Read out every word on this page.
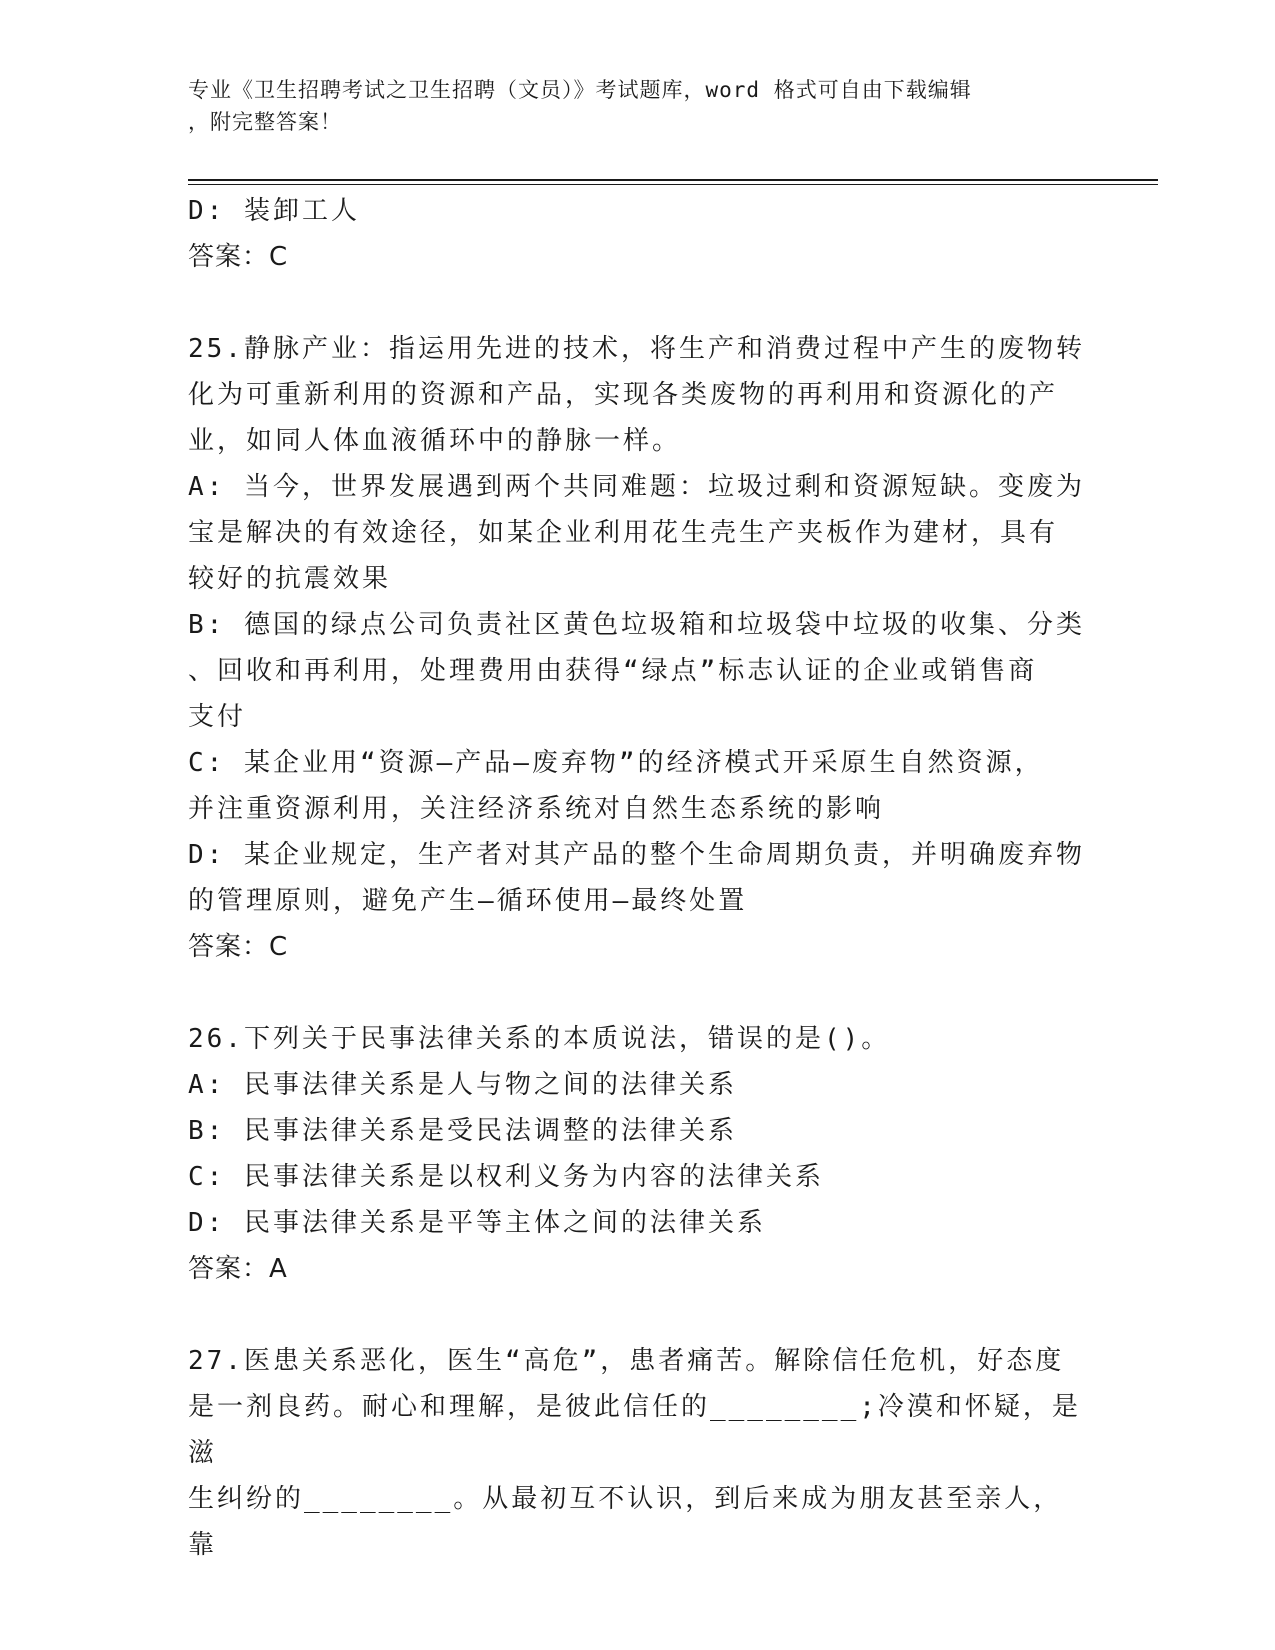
专业《卫生招聘考试之卫生招聘（文员）》考试题库，word 格式可自由下载编辑
，附完整答案！

D: 装卸工人

答案：C

25.静脉产业：指运用先进的技术，将生产和消费过程中产生的废物转

化为可重新利用的资源和产品，实现各类废物的再利用和资源化的产

业，如同人体血液循环中的静脉一样。

A: 当今，世界发展遇到两个共同难题：垃圾过剩和资源短缺。变废为

宝是解决的有效途径，如某企业利用花生壳生产夹板作为建材，具有

较好的抗震效果

B: 德国的绿点公司负责社区黄色垃圾箱和垃圾袋中垃圾的收集、分类

、回收和再利用，处理费用由获得“绿点”标志认证的企业或销售商

支付

C: 某企业用“资源—产品—废弃物”的经济模式开采原生自然资源，

并注重资源利用，关注经济系统对自然生态系统的影响

D: 某企业规定，生产者对其产品的整个生命周期负责，并明确废弃物

的管理原则，避免产生—循环使用—最终处置

答案：C

26.下列关于民事法律关系的本质说法，错误的是()。

A: 民事法律关系是人与物之间的法律关系

B: 民事法律关系是受民法调整的法律关系

C: 民事法律关系是以权利义务为内容的法律关系

D: 民事法律关系是平等主体之间的法律关系

答案：A

27.医患关系恶化，医生“高危”，患者痛苦。解除信任危机，好态度

是一剂良药。耐心和理解，是彼此信任的________;冷漠和怀疑，是滋

生纠纷的________。从最初互不认识，到后来成为朋友甚至亲人，靠
